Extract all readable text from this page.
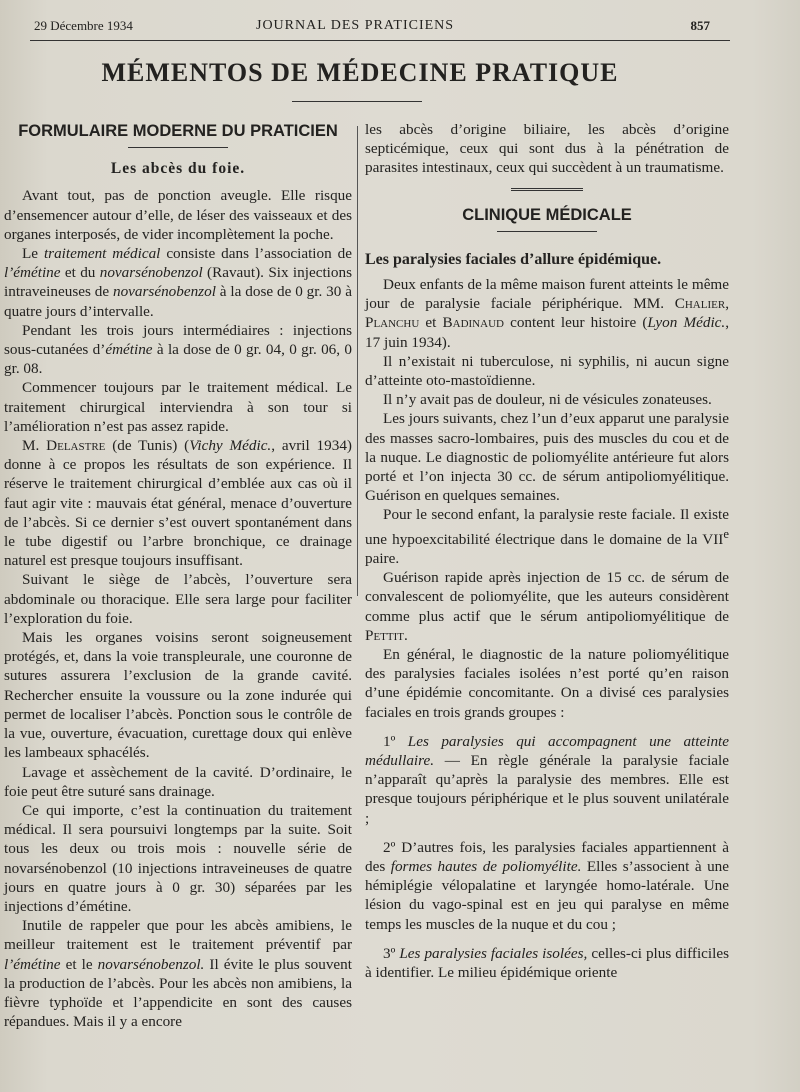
29 Décembre 1934	JOURNAL DES PRATICIENS	857
MÉMENTOS DE MÉDECINE PRATIQUE
FORMULAIRE MODERNE DU PRATICIEN
Les abcès du foie.

Avant tout, pas de ponction aveugle. Elle risque d’ensemencer autour d’elle, de léser des vaisseaux et des organes interposés, de vider incomplètement la poche.

Le traitement médical consiste dans l’association de l’émétine et du novarsénobenzol (Ravaut). Six injections intraveineuses de novarsénobenzol à la dose de 0 gr. 30 à quatre jours d’intervalle.

Pendant les trois jours intermédiaires : injections sous-cutanées d’émétine à la dose de 0 gr. 04, 0 gr. 06, 0 gr. 08.

Commencer toujours par le traitement médical. Le traitement chirurgical interviendra à son tour si l’amélioration n’est pas assez rapide.

M. Delastre (de Tunis) (Vichy Médic., avril 1934) donne à ce propos les résultats de son expérience. Il réserve le traitement chirurgical d’emblée aux cas où il faut agir vite : mauvais état général, menace d’ouverture de l’abcès. Si ce dernier s’est ouvert spontanément dans le tube digestif ou l’arbre bronchique, ce drainage naturel est presque toujours insuffisant.

Suivant le siège de l’abcès, l’ouverture sera abdominale ou thoracique. Elle sera large pour faciliter l’exploration du foie.

Mais les organes voisins seront soigneusement protégés, et, dans la voie transpleurale, une couronne de sutures assurera l’exclusion de la grande cavité. Rechercher ensuite la voussure ou la zone indurée qui permet de localiser l’abcès. Ponction sous le contrôle de la vue, ouverture, évacuation, curettage doux qui enlève les lambeaux sphacélés.

Lavage et assèchement de la cavité. D’ordinaire, le foie peut être suturé sans drainage.

Ce qui importe, c’est la continuation du traitement médical. Il sera poursuivi longtemps par la suite. Soit tous les deux ou trois mois : nouvelle série de novarsénobenzol (10 injections intraveineuses de quatre jours en quatre jours à 0 gr. 30) séparées par les injections d’émétine.

Inutile de rappeler que pour les abcès amibiens, le meilleur traitement est le traitement préventif par l’émétine et le novarsénobenzol. Il évite le plus souvent la production de l’abcès. Pour les abcès non amibiens, la fièvre typhoïde et l’appendicite en sont des causes répandues. Mais il y a encore

les abcès d’origine biliaire, les abcès d’origine septicémique, ceux qui sont dus à la pénétration de parasites intestinaux, ceux qui succèdent à un traumatisme.

CLINIQUE MÉDICALE
Les paralysies faciales d’allure épidémique.

Deux enfants de la même maison furent atteints le même jour de paralysie faciale périphérique. MM. Chalier, Planchu et Badinaud content leur histoire (Lyon Médic., 17 juin 1934).

Il n’existait ni tuberculose, ni syphilis, ni aucun signe d’atteinte oto-mastoïdienne.

Il n’y avait pas de douleur, ni de vésicules zonateuses.

Les jours suivants, chez l’un d’eux apparut une paralysie des masses sacro-lombaires, puis des muscles du cou et de la nuque. Le diagnostic de poliomyélite antérieure fut alors porté et l’on injecta 30 cc. de sérum antipoliomyélitique. Guérison en quelques semaines.

Pour le second enfant, la paralysie reste faciale. Il existe une hypoexcitabilité électrique dans le domaine de la VIIe paire.

Guérison rapide après injection de 15 cc. de sérum de convalescent de poliomyélite, que les auteurs considèrent comme plus actif que le sérum antipoliomyélitique de Pettit.

En général, le diagnostic de la nature poliomyélitique des paralysies faciales isolées n’est porté qu’en raison d’une épidémie concomitante. On a divisé ces paralysies faciales en trois grands groupes :

1º Les paralysies qui accompagnent une atteinte médullaire. — En règle générale la paralysie faciale n’apparaît qu’après la paralysie des membres. Elle est presque toujours périphérique et le plus souvent unilatérale ;

2º D’autres fois, les paralysies faciales appartiennent à des formes hautes de poliomyélite. Elles s’associent à une hémiplégie vélopalatine et laryngée homo-latérale. Une lésion du vago-spinal est en jeu qui paralyse en même temps les muscles de la nuque et du cou ;

3º Les paralysies faciales isolées, celles-ci plus difficiles à identifier. Le milieu épidémique oriente
